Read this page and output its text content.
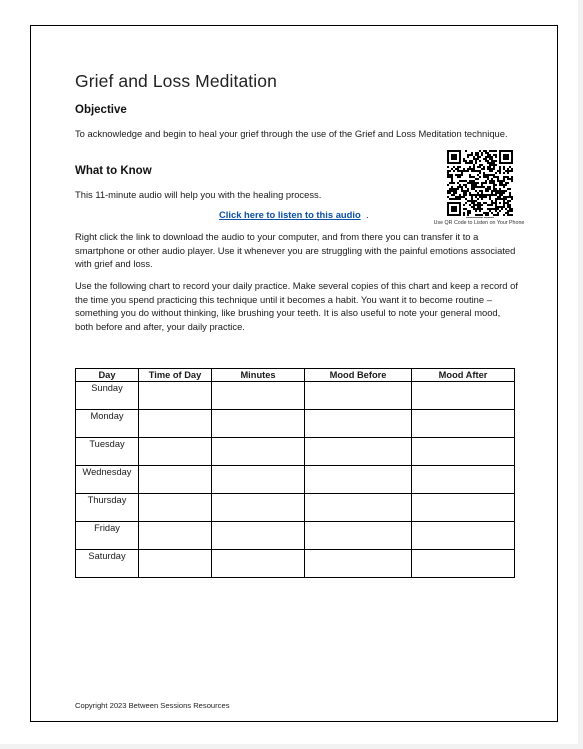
Grief and Loss Meditation
Objective

To acknowledge and begin to heal your grief through the use of the Grief and Loss Meditation technique.

What to Know

This 11-minute audio will help you with the healing process.

Click here to listen to this audio .	▬▬▬▬▬ ▬▬▬
Use QR Code to Listen on Your Phone

Right click the link to download the audio to your computer, and from there you can transfer it to a smartphone or other audio player. Use it whenever you are struggling with the painful emotions associated with grief and loss.

Use the following chart to record your daily practice. Make several copies of this chart and keep a record of the time you spend practicing this technique until it becomes a habit. You want it to become routine – something you do without thinking, like brushing your teeth. It is also useful to note your general mood, both before and after, your daily practice.

Day	Time of Day	Minutes	Mood Before	Mood After
Sunday				
Monday				
Tuesday				
Wednesday				
Thursday				
Friday				
Saturday				
Copyright 2023 Between Sessions Resources
